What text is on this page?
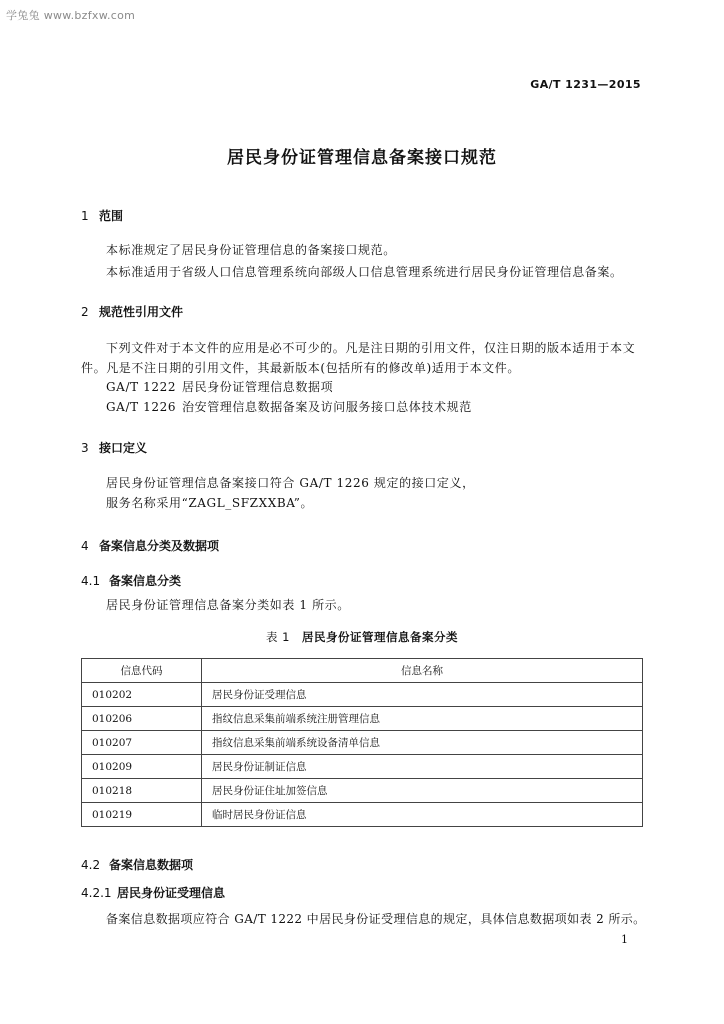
学兔兔 www.bzfxw.com
GA/T 1231—2015
居民身份证管理信息备案接口规范
1 范围
本标准规定了居民身份证管理信息的备案接口规范。
本标准适用于省级人口信息管理系统向部级人口信息管理系统进行居民身份证管理信息备案。
2 规范性引用文件
下列文件对于本文件的应用是必不可少的。凡是注日期的引用文件，仅注日期的版本适用于本文
件。凡是不注日期的引用文件，其最新版本(包括所有的修改单)适用于本文件。
GA/T 1222 居民身份证管理信息数据项
GA/T 1226 治安管理信息数据备案及访问服务接口总体技术规范
3 接口定义
居民身份证管理信息备案接口符合 GA/T 1226 规定的接口定义，
服务名称采用“ZAGL_SFZXXBA”。
4 备案信息分类及数据项
4.1 备案信息分类
居民身份证管理信息备案分类如表 1 所示。
表 1 居民身份证管理信息备案分类
信息代码	信息名称
010202	居民身份证受理信息
010206	指纹信息采集前端系统注册管理信息
010207	指纹信息采集前端系统设备清单信息
010209	居民身份证制证信息
010218	居民身份证住址加签信息
010219	临时居民身份证信息
4.2 备案信息数据项
4.2.1 居民身份证受理信息
备案信息数据项应符合 GA/T 1222 中居民身份证受理信息的规定，具体信息数据项如表 2 所示。
1
